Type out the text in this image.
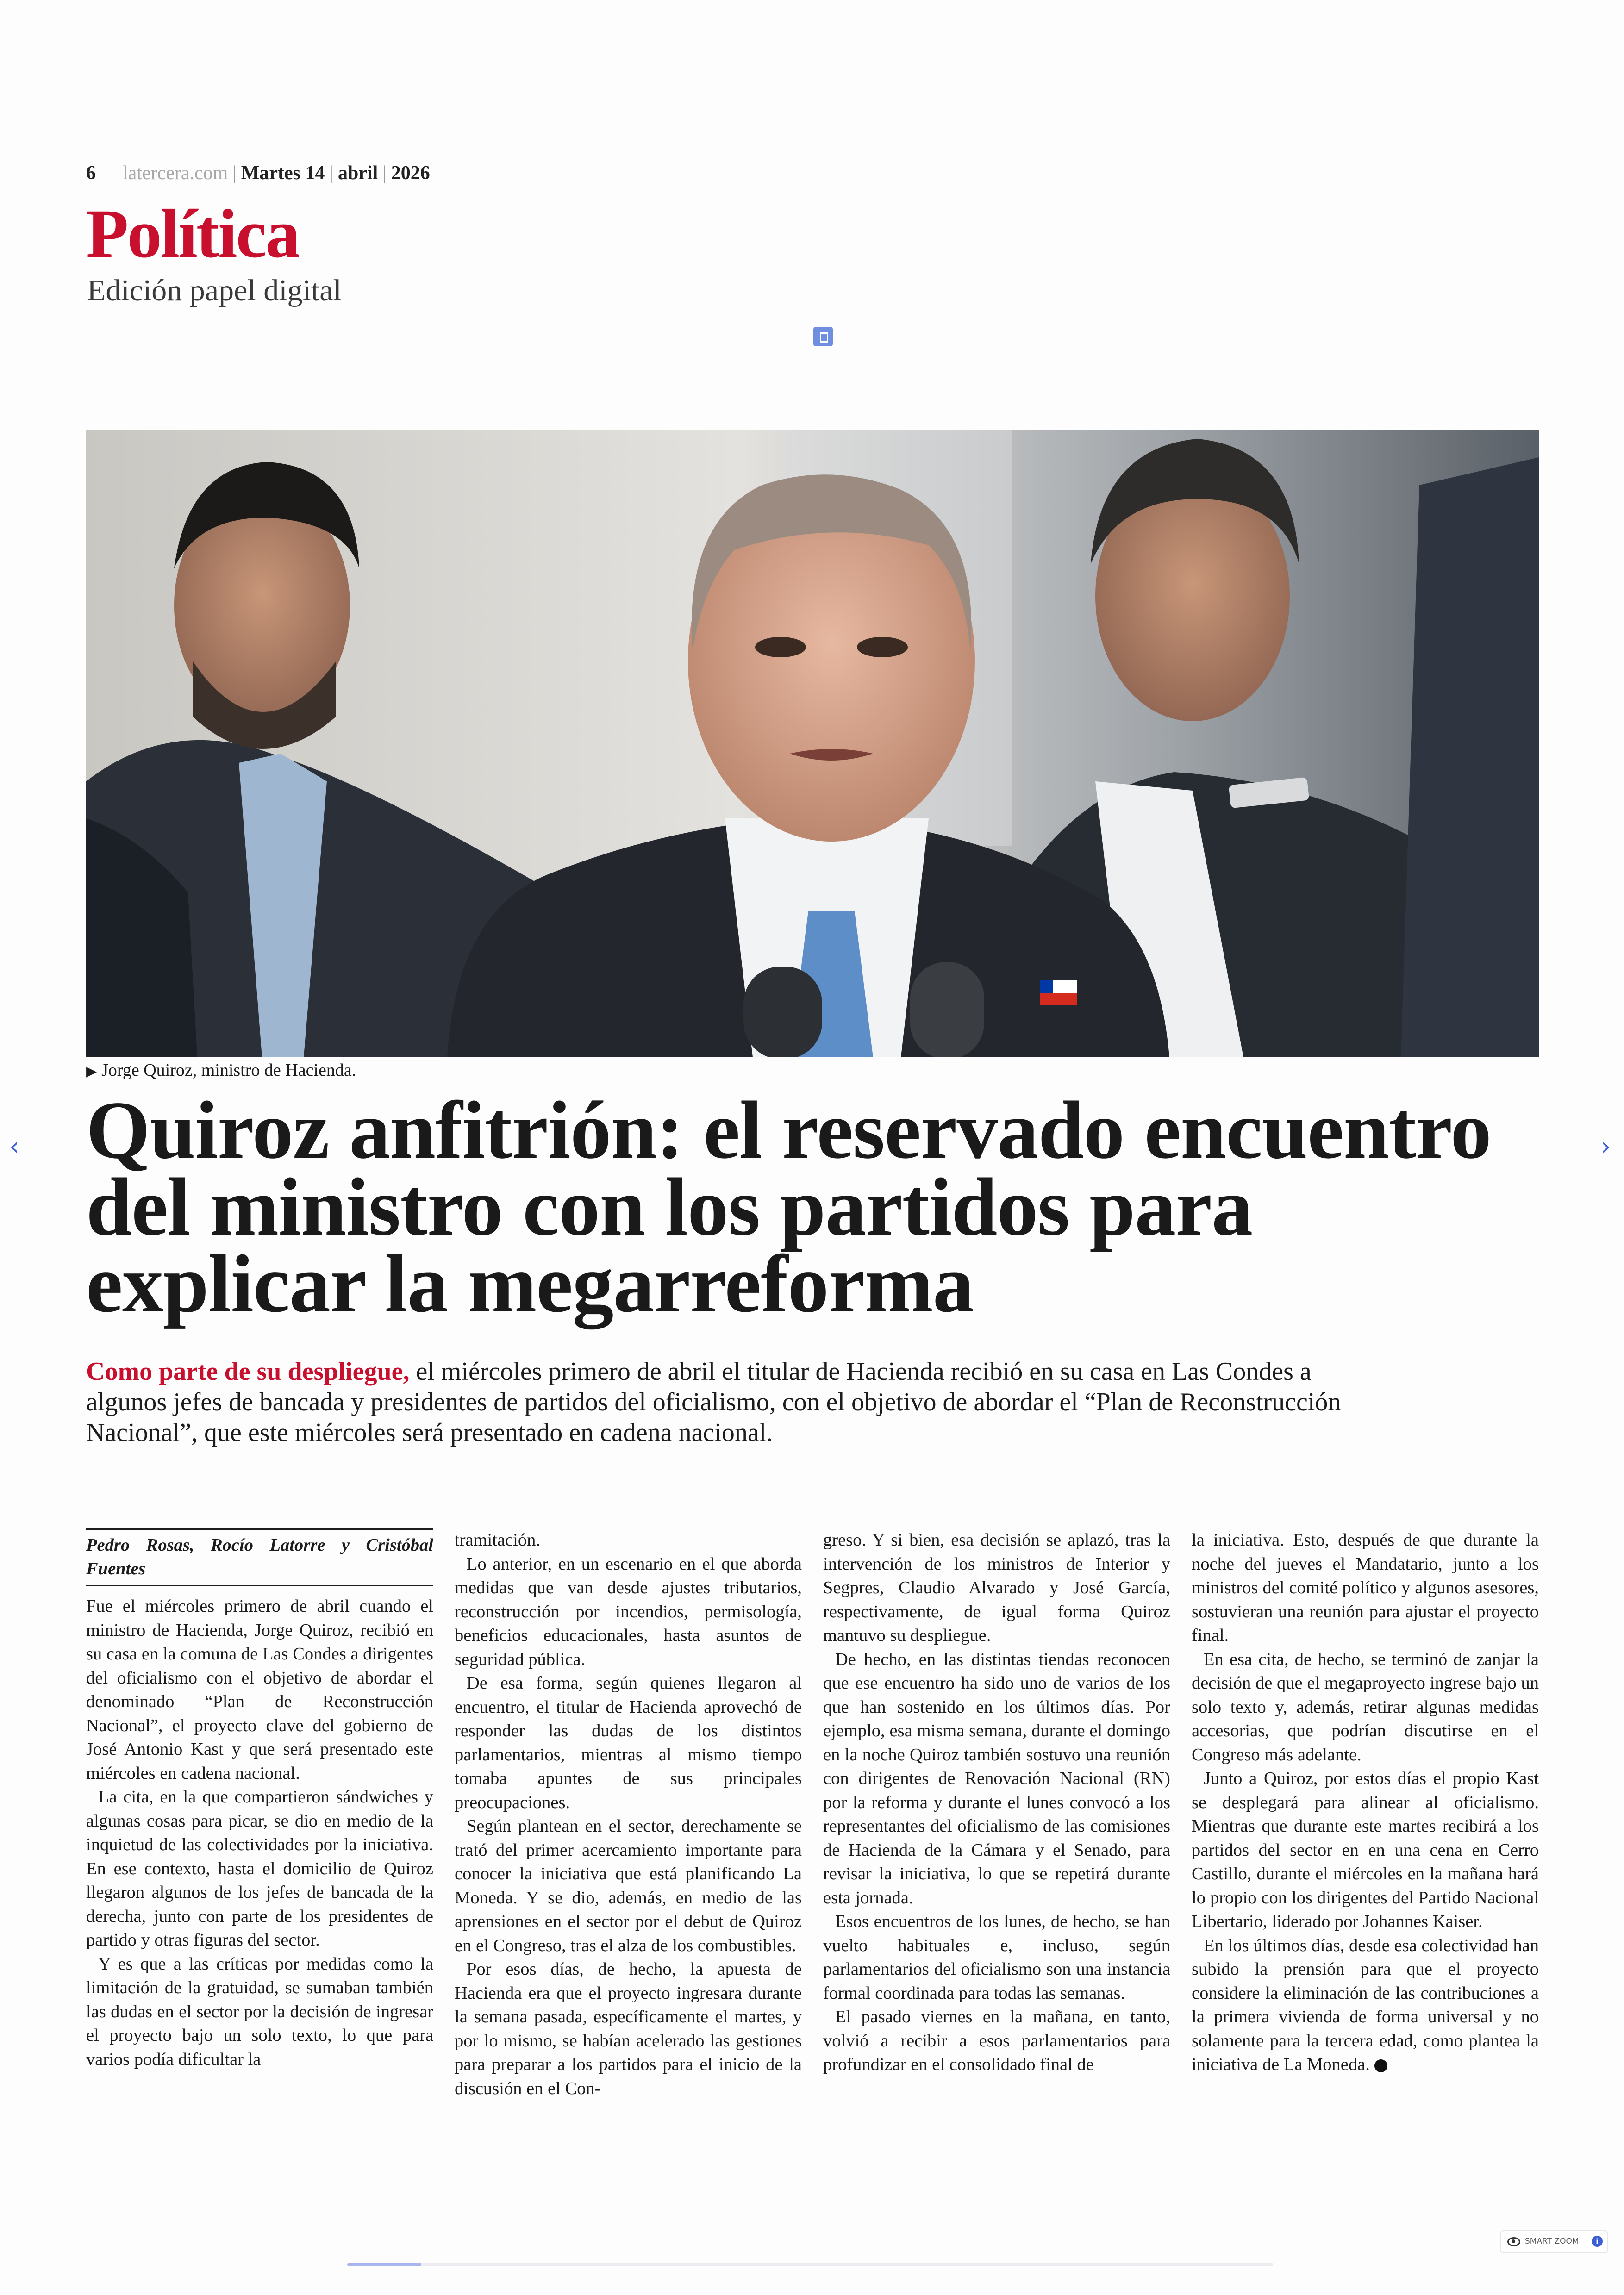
6 latercera.com | Martes 14 | abril | 2026
Política
Edición papel digital
▶ Jorge Quiroz, ministro de Hacienda.
Quiroz anfitrión: el reservado encuentro
del ministro con los partidos para
explicar la megarreforma
Como parte de su despliegue, el miércoles primero de abril el titular de Hacienda recibió en su casa en Las Condes a algunos jefes de bancada y presidentes de partidos del oficialismo, con el objetivo de abordar el “Plan de Reconstrucción Nacional”, que este miércoles será presentado en cadena nacional.
Pedro Rosas, Rocío Latorre y Cristóbal Fuentes

Fue el miércoles primero de abril cuando el ministro de Hacienda, Jorge Quiroz, recibió en su casa en la comuna de Las Condes a dirigentes del oficialismo con el objetivo de abordar el denominado “Plan de Reconstrucción Nacional”, el proyecto clave del gobierno de José Antonio Kast y que será presentado este miércoles en cadena nacional.

La cita, en la que compartieron sándwiches y algunas cosas para picar, se dio en medio de la inquietud de las colectividades por la iniciativa. En ese contexto, hasta el domicilio de Quiroz llegaron algunos de los jefes de bancada de la derecha, junto con parte de los presidentes de partido y otras figuras del sector.

Y es que a las críticas por medidas como la limitación de la gratuidad, se sumaban también las dudas en el sector por la decisión de ingresar el proyecto bajo un solo texto, lo que para varios podía dificultar la

tramitación.

Lo anterior, en un escenario en el que aborda medidas que van desde ajustes tributarios, reconstrucción por incendios, permisología, beneficios educacionales, hasta asuntos de seguridad pública.

De esa forma, según quienes llegaron al encuentro, el titular de Hacienda aprovechó de responder las dudas de los distintos parlamentarios, mientras al mismo tiempo tomaba apuntes de sus principales preocupaciones.

Según plantean en el sector, derechamente se trató del primer acercamiento importante para conocer la iniciativa que está planificando La Moneda. Y se dio, además, en medio de las aprensiones en el sector por el debut de Quiroz en el Congreso, tras el alza de los combustibles.

Por esos días, de hecho, la apuesta de Hacienda era que el proyecto ingresara durante la semana pasada, específicamente el martes, y por lo mismo, se habían acelerado las gestiones para preparar a los partidos para el inicio de la discusión en el Con-

greso. Y si bien, esa decisión se aplazó, tras la intervención de los ministros de Interior y Segpres, Claudio Alvarado y José García, respectivamente, de igual forma Quiroz mantuvo su despliegue.

De hecho, en las distintas tiendas reconocen que ese encuentro ha sido uno de varios de los que han sostenido en los últimos días. Por ejemplo, esa misma semana, durante el domingo en la noche Quiroz también sostuvo una reunión con dirigentes de Renovación Nacional (RN) por la reforma y durante el lunes convocó a los representantes del oficialismo de las comisiones de Hacienda de la Cámara y el Senado, para revisar la iniciativa, lo que se repetirá durante esta jornada.

Esos encuentros de los lunes, de hecho, se han vuelto habituales e, incluso, según parlamentarios del oficialismo son una instancia formal coordinada para todas las semanas.

El pasado viernes en la mañana, en tanto, volvió a recibir a esos parlamentarios para profundizar en el consolidado final de

la iniciativa. Esto, después de que durante la noche del jueves el Mandatario, junto a los ministros del comité político y algunos asesores, sostuvieran una reunión para ajustar el proyecto final.

En esa cita, de hecho, se terminó de zanjar la decisión de que el megaproyecto ingrese bajo un solo texto y, además, retirar algunas medidas accesorias, que podrían discutirse en el Congreso más adelante.

Junto a Quiroz, por estos días el propio Kast se desplegará para alinear al oficialismo. Mientras que durante este martes recibirá a los partidos del sector en en una cena en Cerro Castillo, durante el miércoles en la mañana hará lo propio con los dirigentes del Partido Nacional Libertario, liderado por Johannes Kaiser.

En los últimos días, desde esa colectividad han subido la prensión para que el proyecto considere la eliminación de las contribuciones a la primera vivienda de forma universal y no solamente para la tercera edad, como plantea la iniciativa de La Moneda.

‹	›
SMART ZOOM	i
